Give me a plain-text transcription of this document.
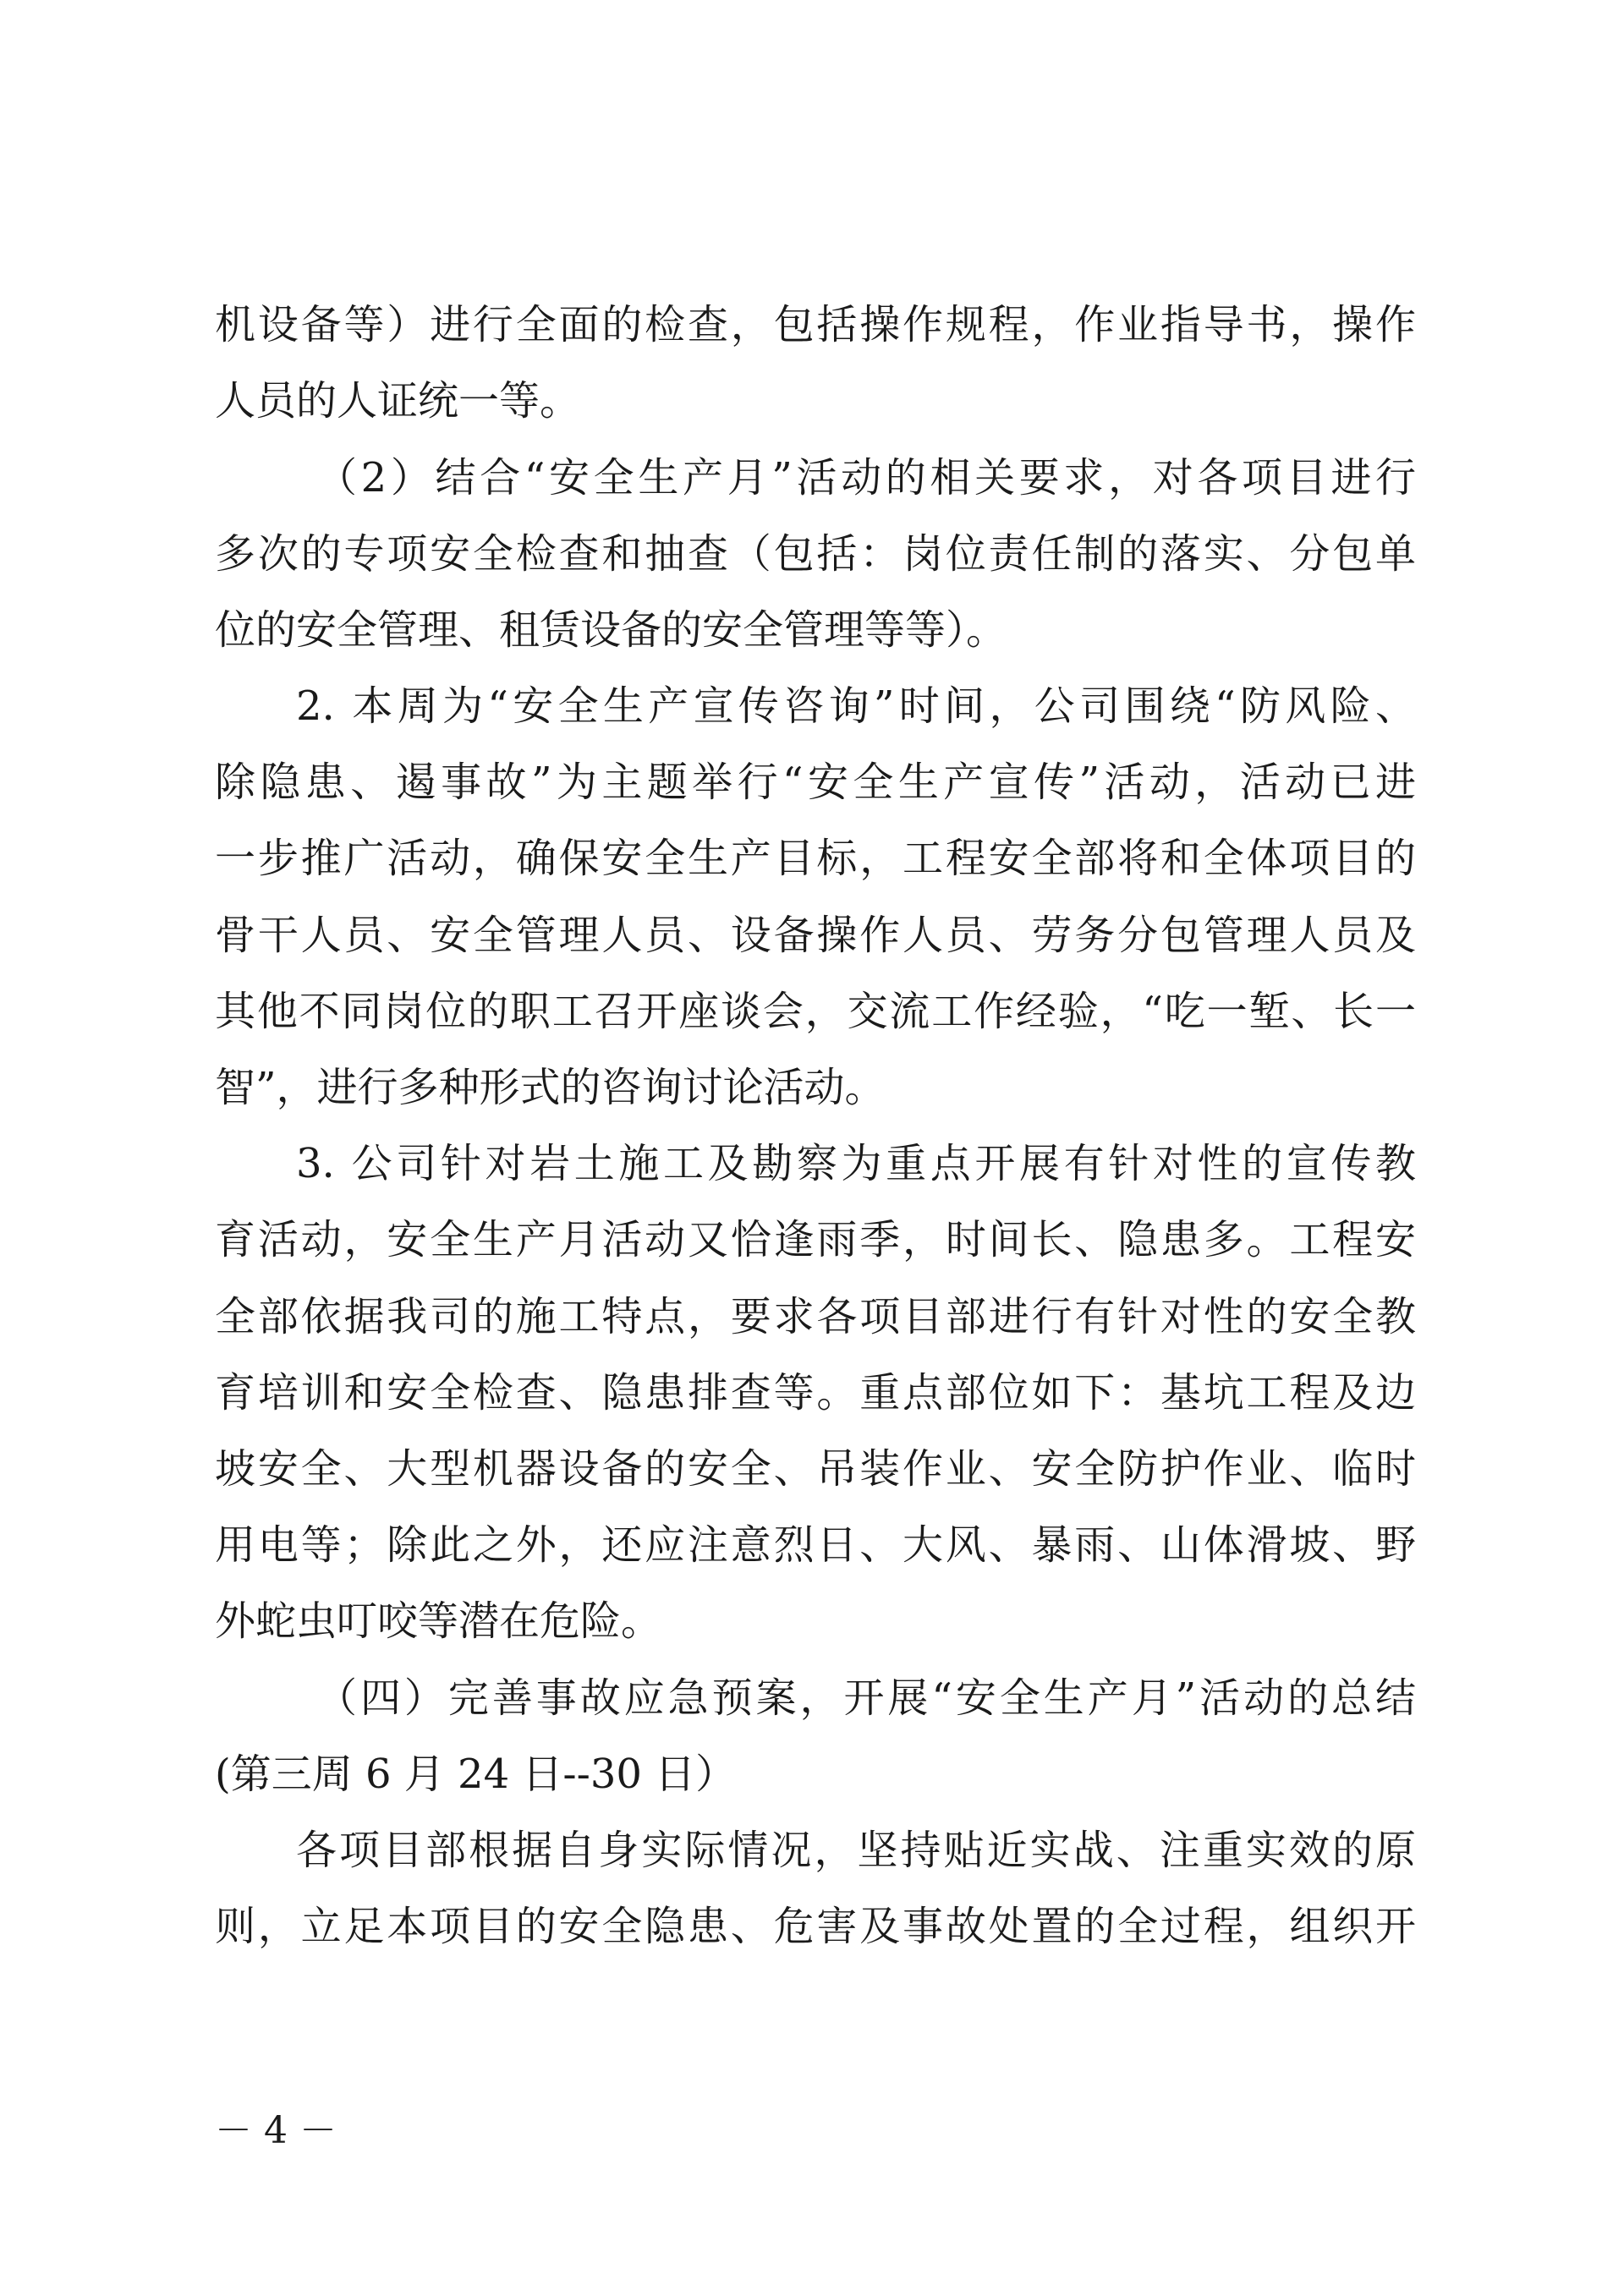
机设备等）进行全面的检查，包括操作规程，作业指导书，操作
人员的人证统一等。
（2）结合“安全生产月”活动的相关要求，对各项目进行
多次的专项安全检查和抽查（包括：岗位责任制的落实、分包单
位的安全管理、租赁设备的安全管理等等）。
2. 本周为“安全生产宣传咨询”时间，公司围绕“防风险、
除隐患、遏事故”为主题举行“安全生产宣传”活动，活动已进
一步推广活动，确保安全生产目标，工程安全部将和全体项目的
骨干人员、安全管理人员、设备操作人员、劳务分包管理人员及
其他不同岗位的职工召开座谈会，交流工作经验，“吃一堑、长一
智”，进行多种形式的咨询讨论活动。
3. 公司针对岩土施工及勘察为重点开展有针对性的宣传教
育活动，安全生产月活动又恰逢雨季，时间长、隐患多。工程安
全部依据我司的施工特点，要求各项目部进行有针对性的安全教
育培训和安全检查、隐患排查等。重点部位如下：基坑工程及边
坡安全、大型机器设备的安全、吊装作业、安全防护作业、临时
用电等；除此之外，还应注意烈日、大风、暴雨、山体滑坡、野
外蛇虫叮咬等潜在危险。
（四）完善事故应急预案，开展“安全生产月”活动的总结
(第三周 6 月 24 日--30 日）
各项目部根据自身实际情况，坚持贴近实战、注重实效的原
则，立足本项目的安全隐患、危害及事故处置的全过程，组织开
－ 4 －
